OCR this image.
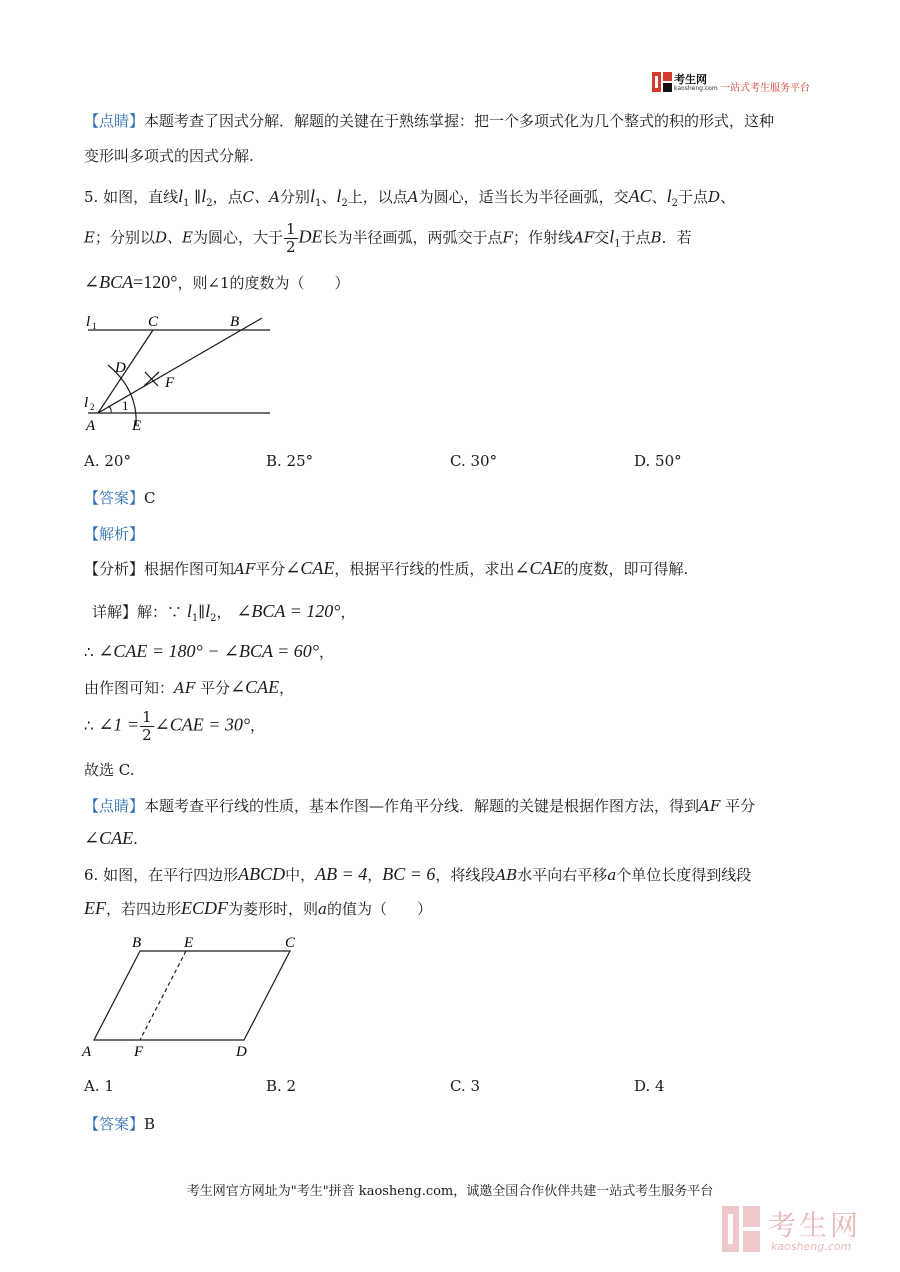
考生网
kaosheng.com 一站式考生服务平台
【点睛】本题考查了因式分解．解题的关键在于熟练掌握：把一个多项式化为几个整式的积的形式，这种
变形叫多项式的因式分解.
5. 如图，直线$l_1$ $\parallel l_2$，点C、A分别$l_1$、$l_2$上，以点A为圆心，适当长为半径画弧，交AC、$l_2$于点D、
E；分别以D、E为圆心，大于 $\frac{1}{2}$ DE长为半径画弧，两弧交于点F；作射线AF交$l_1$于点B．若
∠BCA=120°，则∠1的度数为（　　）
l 1	C	B
D
F
l 2 1
A E
A. 20°	B. 25°	C. 30°	D. 50°
【答案】C
【解析】
【分析】根据作图可知AF平分∠CAE，根据平行线的性质，求出∠CAE的度数，即可得解.
详解】解：∵ $l_1\parallel l_2$， ∠BCA = 120°，
∴ ∠CAE = 180° − ∠BCA = 60°，
由作图可知：AF 平分∠CAE，
∴ ∠1 = $\frac{1}{2}$ ∠CAE = 30°，
故选 C.
【点睛】本题考查平行线的性质，基本作图—作角平分线．解题的关键是根据作图方法，得到AF 平分
∠CAE.
6. 如图，在平行四边形ABCD中，AB = 4，BC = 6，将线段AB水平向右平移a个单位长度得到线段
EF，若四边形ECDF为菱形时，则a的值为（　　）
B	E	C
A	F	D
A. 1	B. 2	C. 3	D. 4
【答案】B
考生网官方网址为"考生"拼音 kaosheng.com，诚邀全国合作伙伴共建一站式考生服务平台
考生网
kaosheng.com
